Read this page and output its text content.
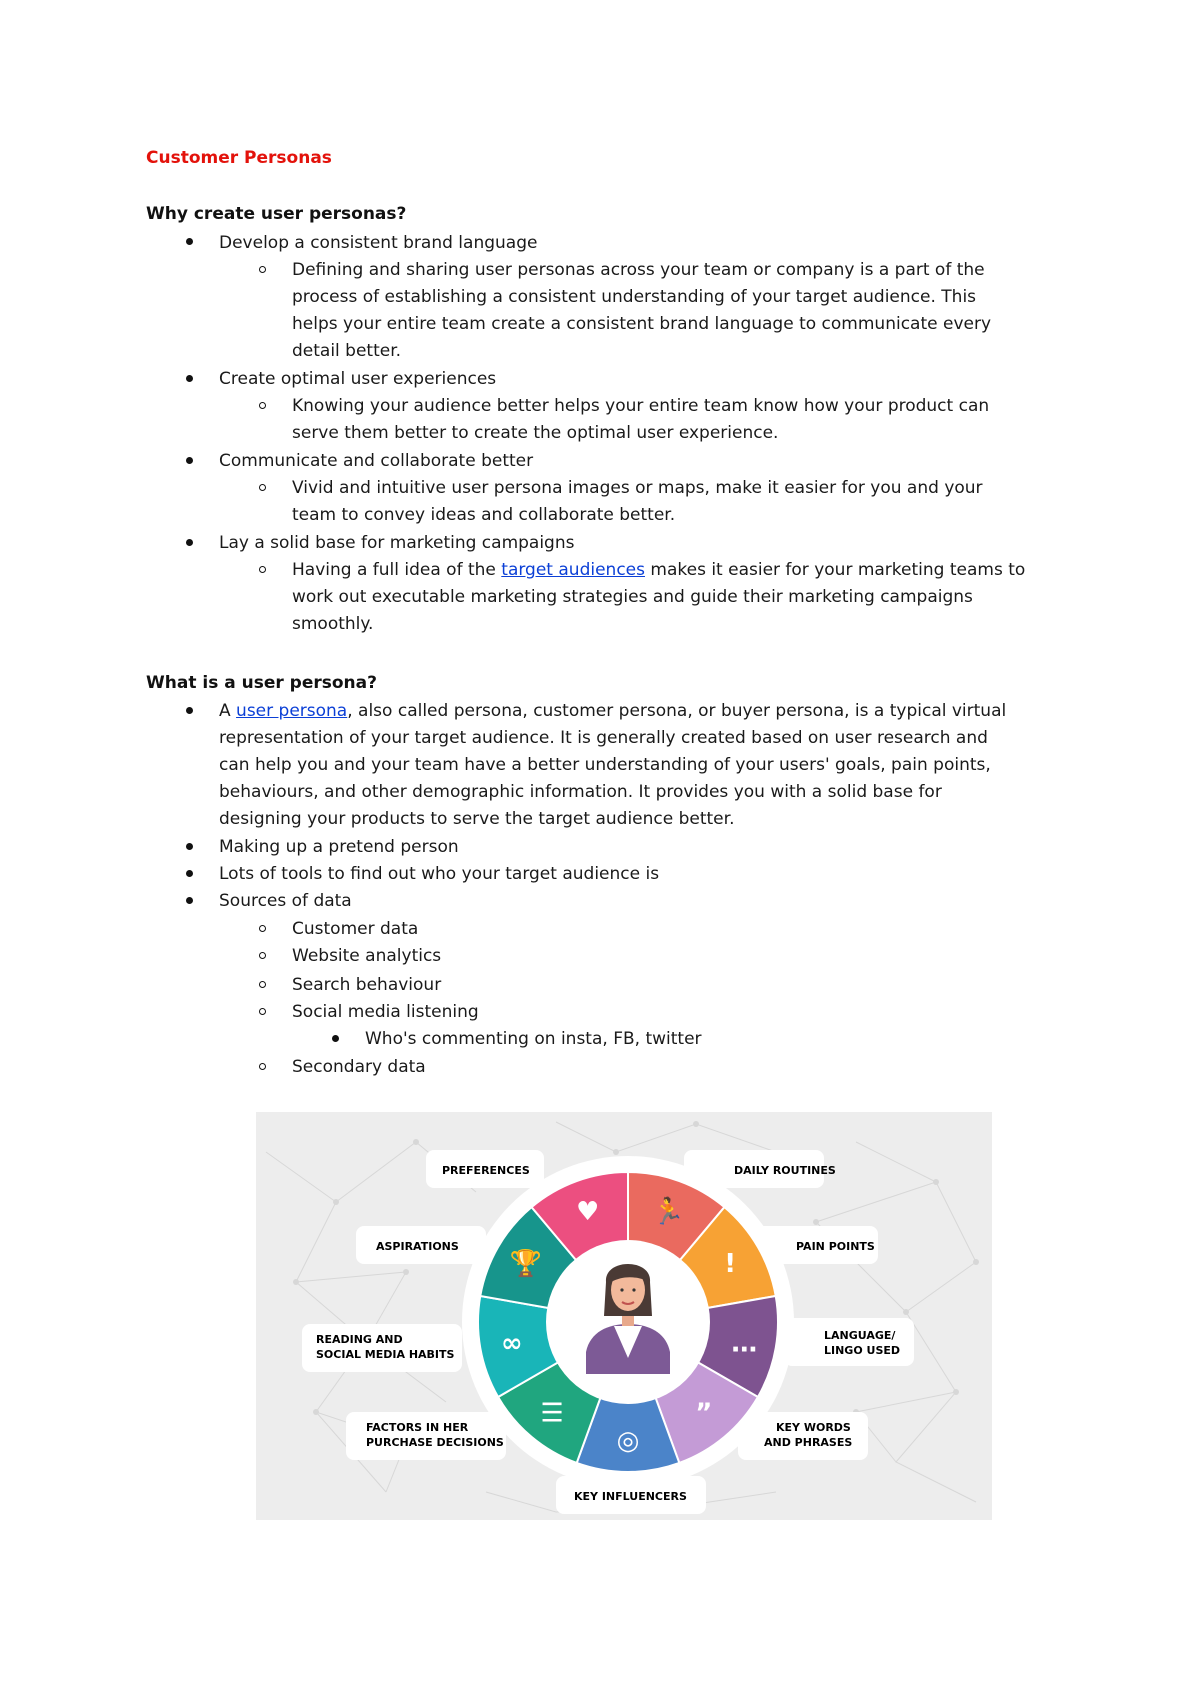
Customer Personas
Why create user personas?
Develop a consistent brand language
Defining and sharing user personas across your team or company is a part of the
process of establishing a consistent understanding of your target audience. This
helps your entire team create a consistent brand language to communicate every
detail better.
Create optimal user experiences
Knowing your audience better helps your entire team know how your product can
serve them better to create the optimal user experience.
Communicate and collaborate better
Vivid and intuitive user persona images or maps, make it easier for you and your
team to convey ideas and collaborate better.
Lay a solid base for marketing campaigns
Having a full idea of the target audiences makes it easier for your marketing teams to
work out executable marketing strategies and guide their marketing campaigns
smoothly.
What is a user persona?
A user persona, also called persona, customer persona, or buyer persona, is a typical virtual
representation of your target audience. It is generally created based on user research and
can help you and your team have a better understanding of your users' goals, pain points,
behaviours, and other demographic information. It provides you with a solid base for
designing your products to serve the target audience better.
Making up a pretend person
Lots of tools to find out who your target audience is
Sources of data
Customer data
Website analytics
Search behaviour
Social media listening
Who's commenting on insta, FB, twitter
Secondary data
PREFERENCES	DAILY ROUTINES
ASPIRATIONS	PAIN POINTS
READING AND
SOCIAL MEDIA HABITS
LANGUAGE/
LINGO USED
FACTORS IN HER
PURCHASE DECISIONS
KEY WORDS
AND PHRASES
KEY INFLUENCERS
🏃
!
…
”
◎
☰
∞
🏆
♥
